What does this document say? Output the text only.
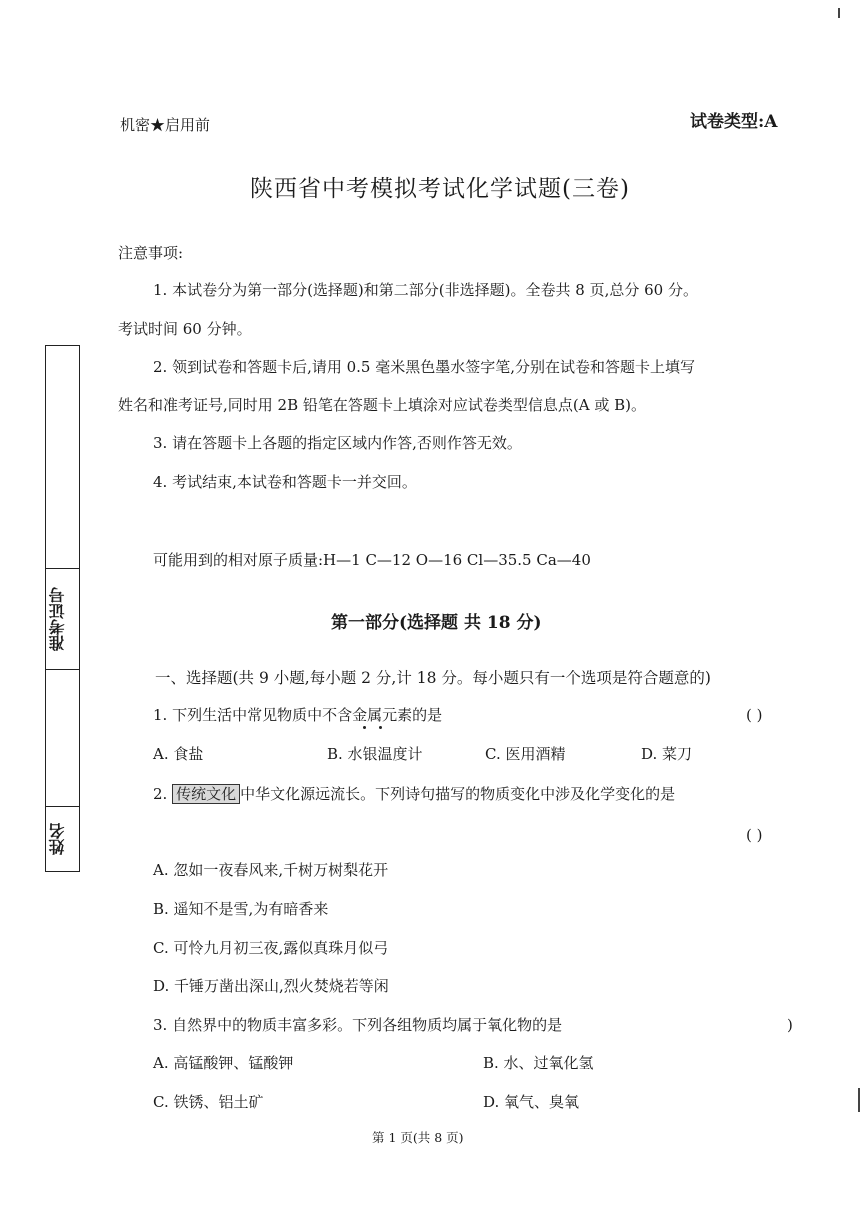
机密★启用前	试卷类型:A
陕西省中考模拟考试化学试题(三卷)
注意事项:
1. 本试卷分为第一部分(选择题)和第二部分(非选择题)。全卷共 8 页,总分 60 分。
考试时间 60 分钟。
2. 领到试卷和答题卡后,请用 0.5 毫米黑色墨水签字笔,分别在试卷和答题卡上填写
姓名和准考证号,同时用 2B 铅笔在答题卡上填涂对应试卷类型信息点(A 或 B)。
3. 请在答题卡上各题的指定区域内作答,否则作答无效。
4. 考试结束,本试卷和答题卡一并交回。
可能用到的相对原子质量:H—1 C—12 O—16 Cl—35.5 Ca—40
第一部分(选择题 共 18 分)
一、选择题(共 9 小题,每小题 2 分,计 18 分。每小题只有一个选项是符合题意的)
1. 下列生活中常见物质中不含金属元素的是	( )
A. 食盐	B. 水银温度计	C. 医用酒精	D. 菜刀
2. 传统文化 中华文化源远流长。下列诗句描写的物质变化中涉及化学变化的是
( )
A. 忽如一夜春风来,千树万树梨花开
B. 遥知不是雪,为有暗香来
C. 可怜九月初三夜,露似真珠月似弓
D. 千锤万凿出深山,烈火焚烧若等闲
3. 自然界中的物质丰富多彩。下列各组物质均属于氧化物的是	)
A. 高锰酸钾、锰酸钾	B. 水、过氧化氢
C. 铁锈、铝土矿	D. 氧气、臭氧
准考证号
姓名
第 1 页(共 8 页)
